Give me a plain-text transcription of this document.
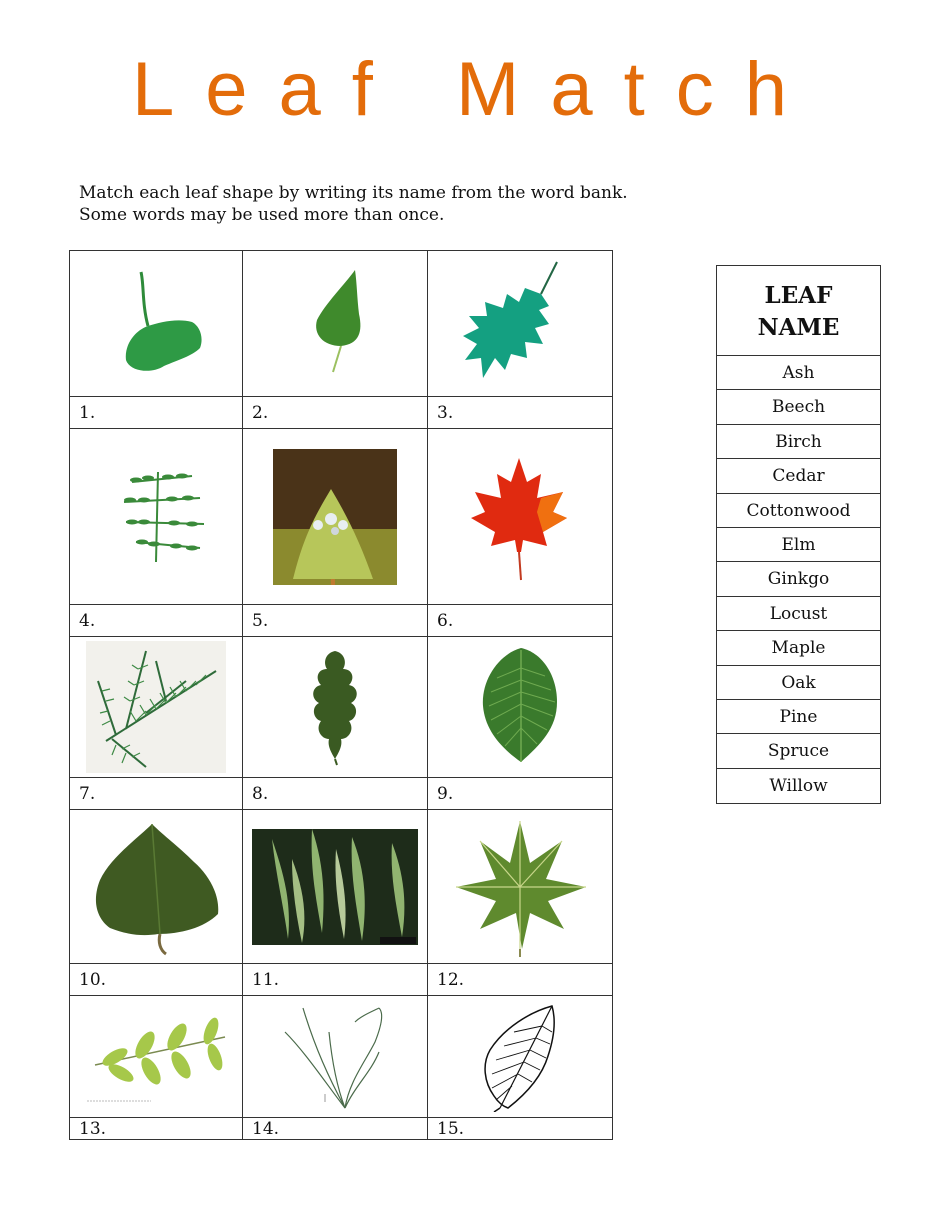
Leaf Match
Match each leaf shape by writing its name from the word bank.
Some words may be used more than once.

1.	2.	3.

4.	5.	6.

7.	8.	9.

10.	11.	12.

13.	14.	15.
LEAF
NAME
Ash
Beech
Birch
Cedar
Cottonwood
Elm
Ginkgo
Locust
Maple
Oak
Pine
Spruce
Willow
